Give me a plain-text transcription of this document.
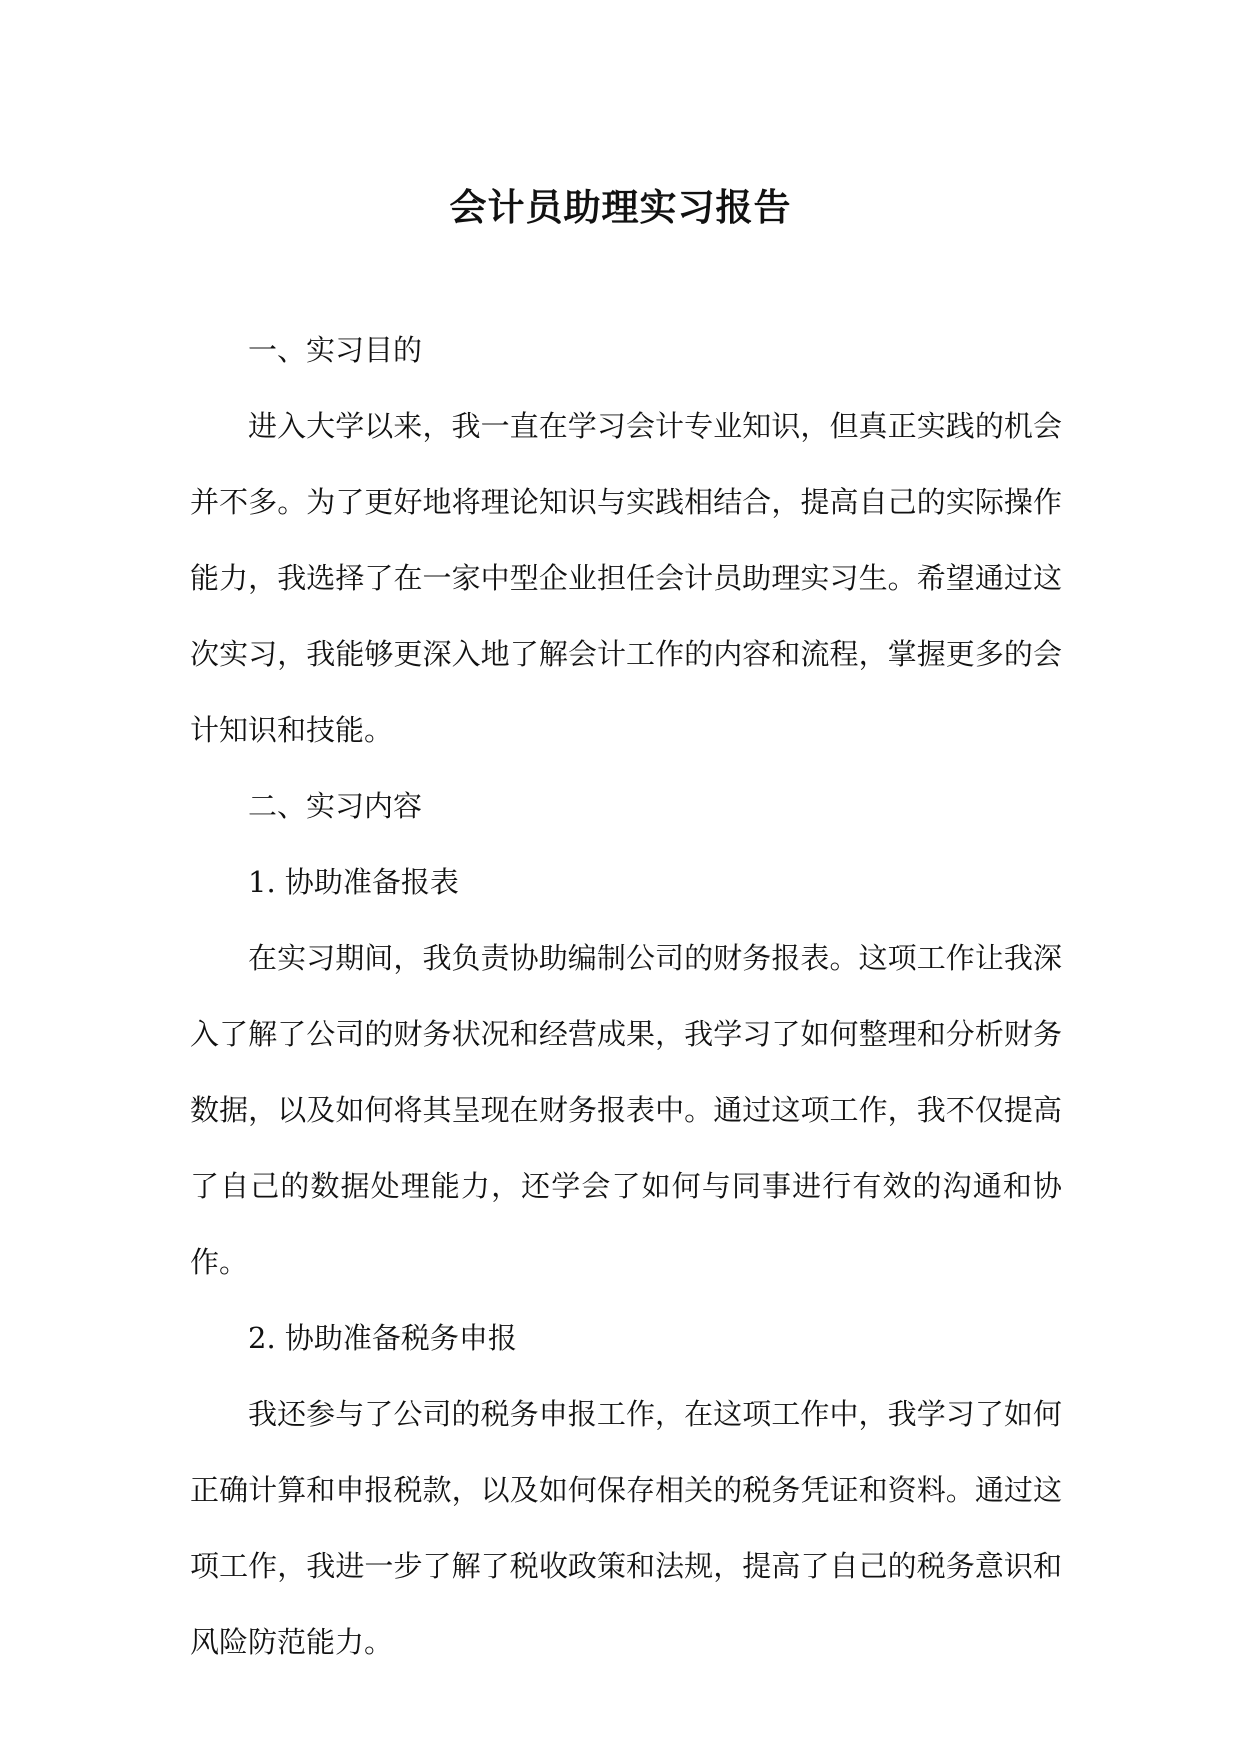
会计员助理实习报告

一、实习目的

进入大学以来，我一直在学习会计专业知识，但真正实践的机会并不多。为了更好地将理论知识与实践相结合，提高自己的实际操作能力，我选择了在一家中型企业担任会计员助理实习生。希望通过这次实习，我能够更深入地了解会计工作的内容和流程，掌握更多的会计知识和技能。

二、实习内容

1. 协助准备报表

在实习期间，我负责协助编制公司的财务报表。这项工作让我深入了解了公司的财务状况和经营成果，我学习了如何整理和分析财务数据，以及如何将其呈现在财务报表中。通过这项工作，我不仅提高了自己的数据处理能力，还学会了如何与同事进行有效的沟通和协作。

2. 协助准备税务申报

我还参与了公司的税务申报工作，在这项工作中，我学习了如何正确计算和申报税款，以及如何保存相关的税务凭证和资料。通过这项工作，我进一步了解了税收政策和法规，提高了自己的税务意识和风险防范能力。
